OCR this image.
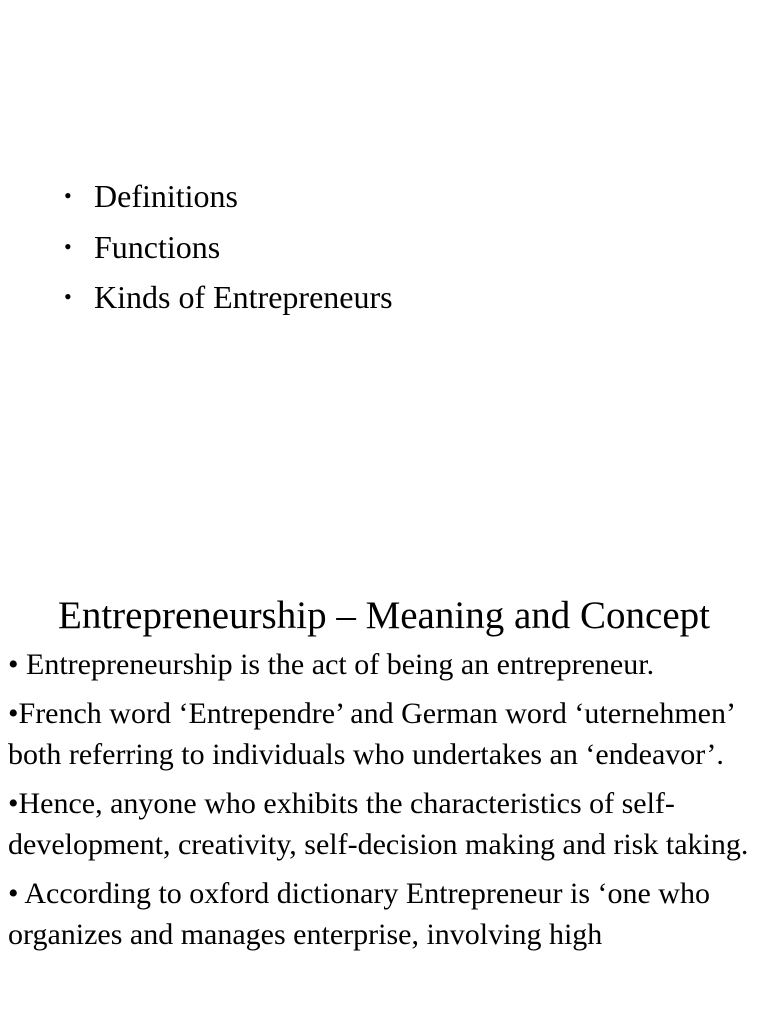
• Definitions
• Functions
• Kinds of Entrepreneurs
Entrepreneurship – Meaning and Concept

• Entrepreneurship is the act of being an entrepreneur.

•French word ‘Entrependre’ and German word ‘uternehmen’ both referring to individuals who undertakes an ‘endeavor’.

•Hence, anyone who exhibits the characteristics of self-development, creativity, self-decision making and risk taking.

• According to oxford dictionary Entrepreneur is ‘one who organizes and manages enterprise, involving high
